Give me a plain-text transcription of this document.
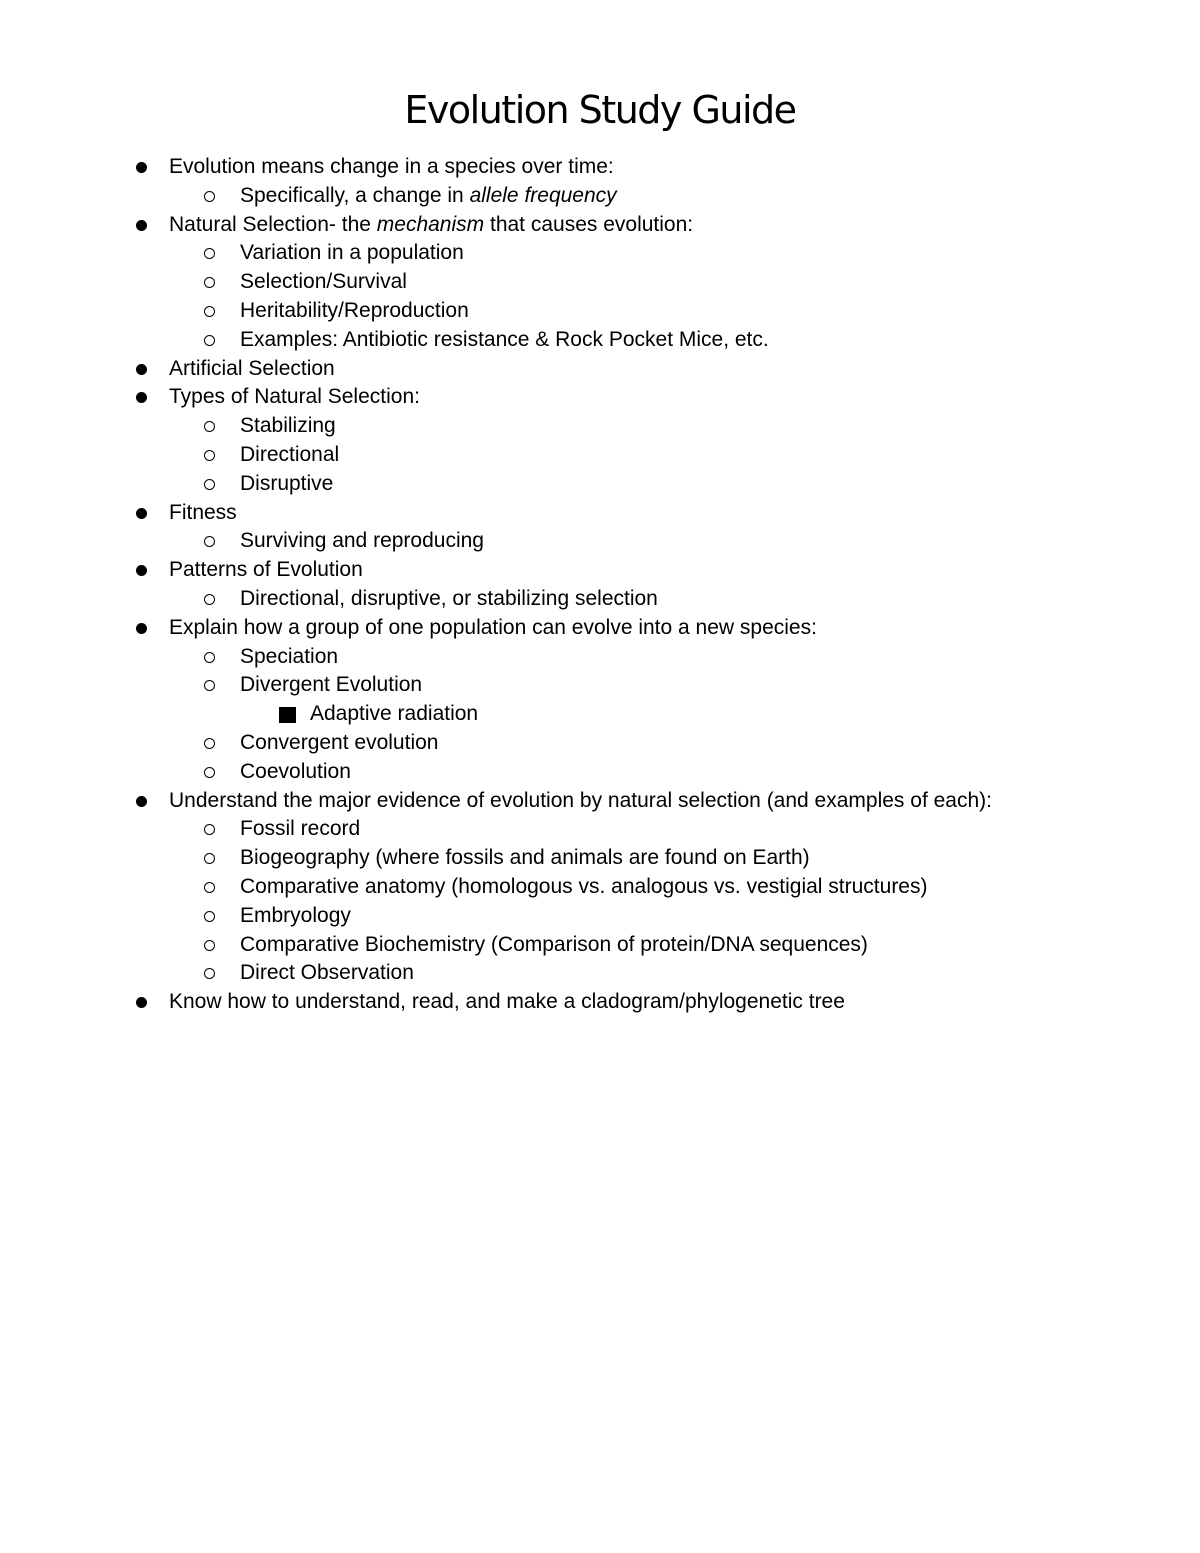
Evolution Study Guide
Evolution means change in a species over time:
Specifically, a change in allele frequency
Natural Selection- the mechanism that causes evolution:
Variation in a population
Selection/Survival
Heritability/Reproduction
Examples: Antibiotic resistance & Rock Pocket Mice, etc.
Artificial Selection
Types of Natural Selection:
Stabilizing
Directional
Disruptive
Fitness
Surviving and reproducing
Patterns of Evolution
Directional, disruptive, or stabilizing selection
Explain how a group of one population can evolve into a new species:
Speciation
Divergent Evolution
Adaptive radiation
Convergent evolution
Coevolution
Understand the major evidence of evolution by natural selection (and examples of each):
Fossil record
Biogeography (where fossils and animals are found on Earth)
Comparative anatomy (homologous vs. analogous vs. vestigial structures)
Embryology
Comparative Biochemistry (Comparison of protein/DNA sequences)
Direct Observation
Know how to understand, read, and make a cladogram/phylogenetic tree
